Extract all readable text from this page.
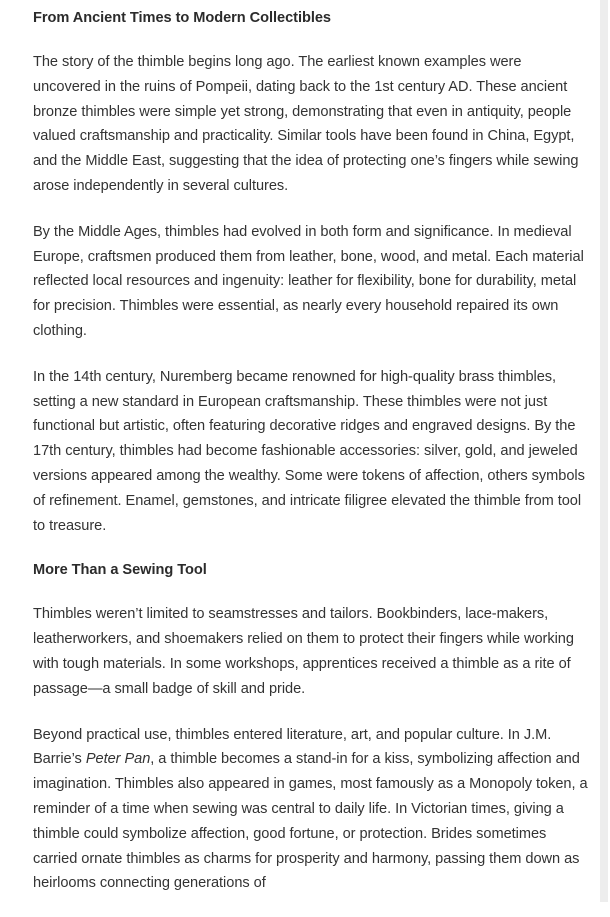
From Ancient Times to Modern Collectibles

The story of the thimble begins long ago. The earliest known examples were uncovered in the ruins of Pompeii, dating back to the 1st century AD. These ancient bronze thimbles were simple yet strong, demonstrating that even in antiquity, people valued craftsmanship and practicality. Similar tools have been found in China, Egypt, and the Middle East, suggesting that the idea of protecting one’s fingers while sewing arose independently in several cultures.

By the Middle Ages, thimbles had evolved in both form and significance. In medieval Europe, craftsmen produced them from leather, bone, wood, and metal. Each material reflected local resources and ingenuity: leather for flexibility, bone for durability, metal for precision. Thimbles were essential, as nearly every household repaired its own clothing.

In the 14th century, Nuremberg became renowned for high-quality brass thimbles, setting a new standard in European craftsmanship. These thimbles were not just functional but artistic, often featuring decorative ridges and engraved designs. By the 17th century, thimbles had become fashionable accessories: silver, gold, and jeweled versions appeared among the wealthy. Some were tokens of affection, others symbols of refinement. Enamel, gemstones, and intricate filigree elevated the thimble from tool to treasure.

More Than a Sewing Tool

Thimbles weren’t limited to seamstresses and tailors. Bookbinders, lace-makers, leatherworkers, and shoemakers relied on them to protect their fingers while working with tough materials. In some workshops, apprentices received a thimble as a rite of passage—a small badge of skill and pride.

Beyond practical use, thimbles entered literature, art, and popular culture. In J.M. Barrie’s Peter Pan, a thimble becomes a stand-in for a kiss, symbolizing affection and imagination. Thimbles also appeared in games, most famously as a Monopoly token, a reminder of a time when sewing was central to daily life. In Victorian times, giving a thimble could symbolize affection, good fortune, or protection. Brides sometimes carried ornate thimbles as charms for prosperity and harmony, passing them down as heirlooms connecting generations of
